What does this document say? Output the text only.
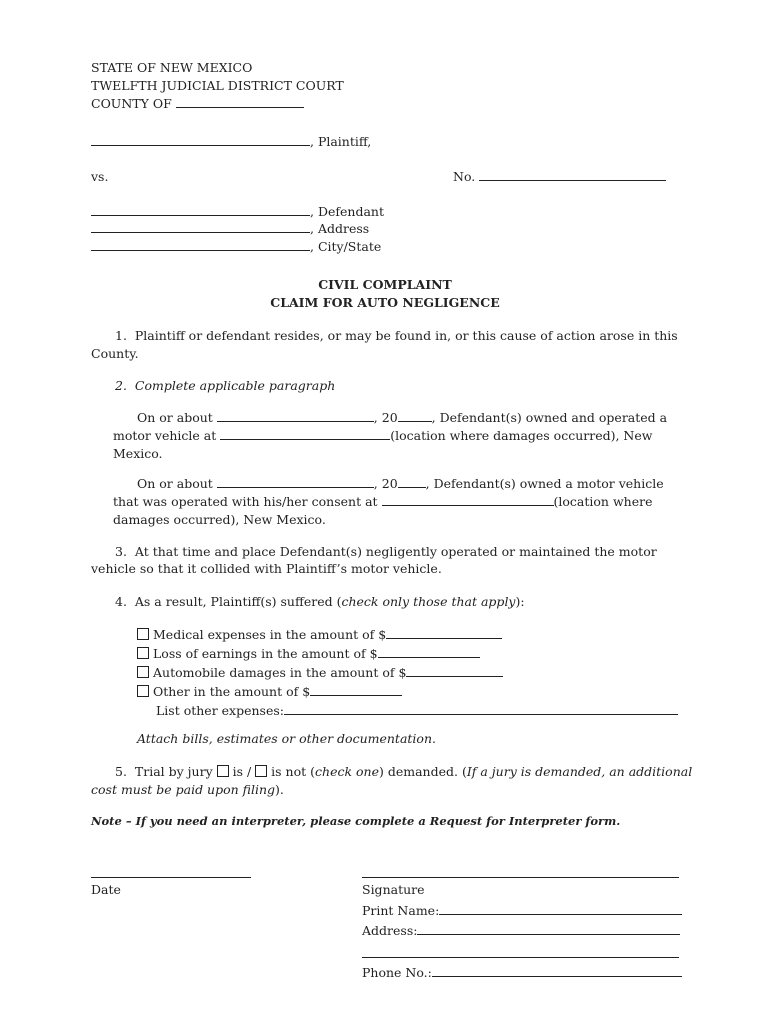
STATE OF NEW MEXICO
TWELFTH JUDICIAL DISTRICT COURT
COUNTY OF
, Plaintiff,
vs.	No.
, Defendant
, Address
, City/State
CIVIL COMPLAINT
CLAIM FOR AUTO NEGLIGENCE
1. Plaintiff or defendant resides, or may be found in, or this cause of action arose in this
County.
2. Complete applicable paragraph
On or about	, 20	, Defendant(s) owned and operated a
motor vehicle at	(location where damages occurred), New
Mexico.
On or about	, 20 , Defendant(s) owned a motor vehicle
that was operated with his/her consent at	(location where
damages occurred), New Mexico.
3. At that time and place Defendant(s) negligently operated or maintained the motor
vehicle so that it collided with Plaintiff’s motor vehicle.
4. As a result, Plaintiff(s) suffered (check only those that apply):
Medical expenses in the amount of $
Loss of earnings in the amount of $
Automobile damages in the amount of $
Other in the amount of $
List other expenses:
Attach bills, estimates or other documentation.
5. Trial by jury is / is not (check one) demanded. (If a jury is demanded, an additional
cost must be paid upon filing).
Note – If you need an interpreter, please complete a Request for Interpreter form.
Date	Signature
Print Name:
Address:
Phone No.:
